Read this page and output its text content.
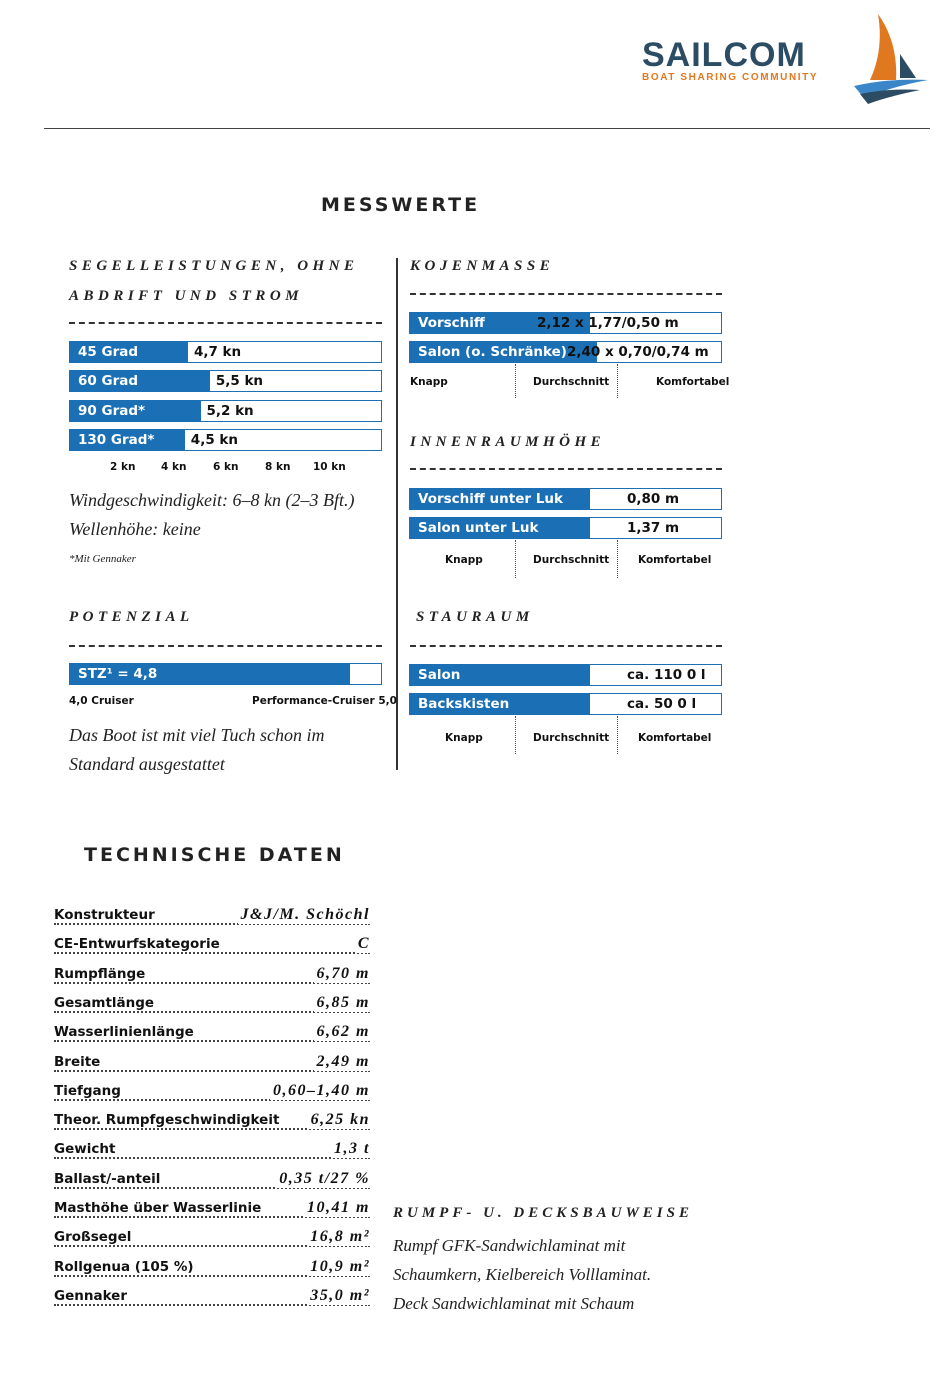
SAILCOM
BOAT SHARING COMMUNITY
MESSWERTE
SEGELLEISTUNGEN, OHNE
ABDRIFT UND STROM
45 Grad	4,7 kn
60 Grad	5,5 kn
90 Grad*	5,2 kn
130 Grad*	4,5 kn
2 kn 4 kn	6 kn	8 kn 10 kn
Windgeschwindigkeit: 6–8 kn (2–3 Bft.)
Wellenhöhe: keine
*Mit Gennaker
POTENZIAL
STZ¹ = 4,8
4,0 Cruiser	Performance-Cruiser 5,0
Das Boot ist mit viel Tuch schon im
Standard ausgestattet
KOJENMASSE
Vorschiff	2,12 x 1,77/0,50 m
Salon (o. Schränke) 2,40 x 0,70/0,74 m
Knapp	Durchschnitt	Komfortabel
INNENRAUMHÖHE
Vorschiff unter Luk	0,80 m
Salon unter Luk	1,37 m
Knapp	Durchschnitt	Komfortabel
STAURAUM
Salon	ca. 110 0 l
Backskisten	ca. 50 0 l
Knapp	Durchschnitt	Komfortabel
TECHNISCHE DATEN
Konstrukteur	J&J/M. Schöchl
CE-Entwurfskategorie	C
Rumpflänge	6,70 m
Gesamtlänge	6,85 m
Wasserlinienlänge	6,62 m
Breite	2,49 m
Tiefgang	0,60–1,40 m
Theor. Rumpfgeschwindigkeit 6,25 kn
Gewicht	1,3 t
Ballast/-anteil	0,35 t/27 %
Masthöhe über Wasserlinie	10,41 m
Großsegel	16,8 m²
Rollgenua (105 %)	10,9 m²
Gennaker	35,0 m²
RUMPF- U. DECKSBAUWEISE
Rumpf GFK-Sandwichlaminat mit
Schaumkern, Kielbereich Volllaminat.
Deck Sandwichlaminat mit Schaum
